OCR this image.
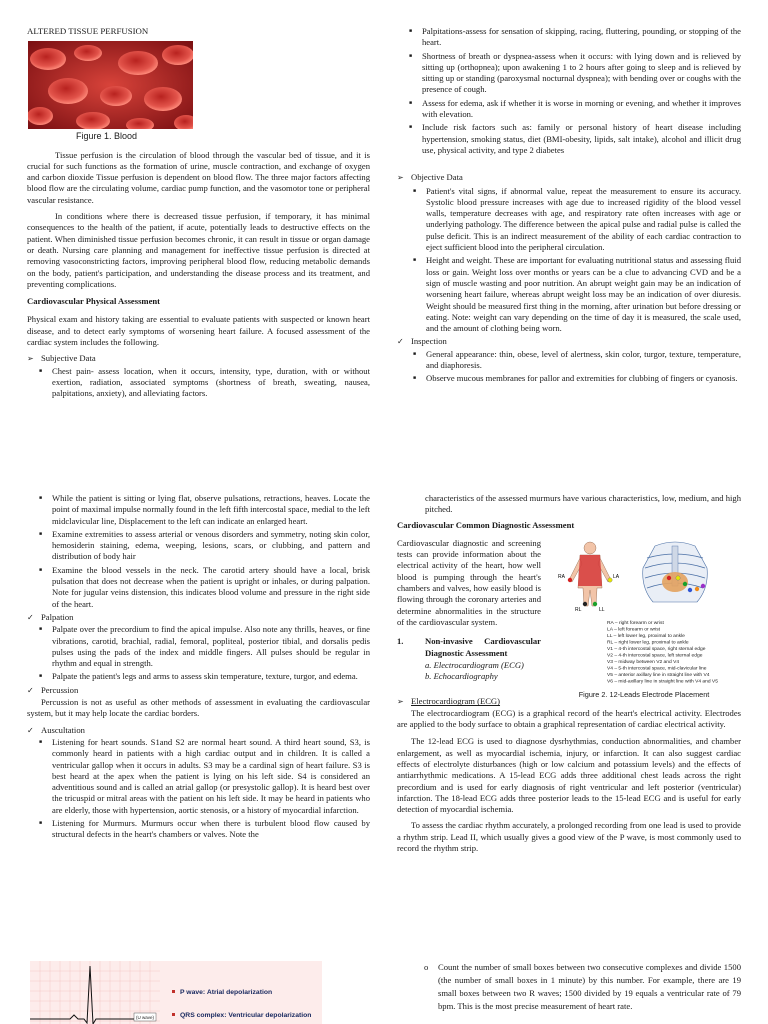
ALTERED TISSUE PERFUSION
Figure 1. Blood

Tissue perfusion is the circulation of blood through the vascular bed of tissue, and it is crucial for such functions as the formation of urine, muscle contraction, and exchange of oxygen and carbon dioxide Tissue perfusion is dependent on blood flow. The three major factors affecting blood flow are the circulating volume, cardiac pump function, and the vasomotor tone or peripheral vascular resistance.

In conditions where there is decreased tissue perfusion, if temporary, it has minimal consequences to the health of the patient, if acute, potentially leads to destructive effects on the patient. When diminished tissue perfusion becomes chronic, it can result in tissue or organ damage or death. Nursing care planning and management for ineffective tissue perfusion is directed at removing vasoconstricting factors, improving peripheral blood flow, reducing metabolic demands on the body, patient's participation, and understanding the disease process and its treatment, and preventing complications.

Cardiovascular Physical Assessment

Physical exam and history taking are essential to evaluate patients with suspected or known heart disease, and to detect early symptoms of worsening heart failure. A focused assessment of the cardiac system includes the following.

➢ Subjective Data
■ Chest pain- assess location, when it occurs, intensity, type, duration, with or without exertion, radiation, associated symptoms (shortness of breath, sweating, nausea, palpitations, anxiety), and alleviating factors.
■ Palpitations-assess for sensation of skipping, racing, fluttering, pounding, or stopping of the heart.
■ Shortness of breath or dyspnea-assess when it occurs: with lying down and is relieved by sitting up (orthopnea); upon awakening 1 to 2 hours after going to sleep and is relieved by sitting up or standing (paroxysmal nocturnal dyspnea); with bending over or coughs with the presence of cough.
■ Assess for edema, ask if whether it is worse in morning or evening, and whether it improves with elevation.
■ Include risk factors such as: family or personal history of heart disease including hypertension, smoking status, diet (BMI-obesity, lipids, salt intake), alcohol and illicit drug use, physical activity, and type 2 diabetes
➢ Objective Data
■ Patient's vital signs, if abnormal value, repeat the measurement to ensure its accuracy. Systolic blood pressure increases with age due to increased rigidity of the blood vessel walls, temperature decreases with age, and respiratory rate often increases with age or underlying pathology. The difference between the apical pulse and radial pulse is called the pulse deficit. This is an indirect measurement of the ability of each cardiac contraction to eject sufficient blood into the peripheral circulation.
■ Height and weight. These are important for evaluating nutritional status and assessing fluid loss or gain. Weight loss over months or years can be a clue to advancing CVD and be a sign of muscle wasting and poor nutrition. An abrupt weight gain may be an indication of worsening heart failure, whereas abrupt weight loss may be an indication of over diuresis. Weight should be measured first thing in the morning, after urination but before dressing or eating. Note: weight can vary depending on the time of day it is measured, the scale used, and the amount of clothing being worn.
✓ Inspection
■ General appearance: thin, obese, level of alertness, skin color, turgor, texture, temperature, and diaphoresis.
■ Observe mucous membranes for pallor and extremities for clubbing of fingers or cyanosis.
■ While the patient is sitting or lying flat, observe pulsations, retractions, heaves. Locate the point of maximal impulse normally found in the left fifth intercostal space, medial to the left midclavicular line, Displacement to the left can indicate an enlarged heart.
■ Examine extremities to assess arterial or venous disorders and symmetry, noting skin color, hemosiderin staining, edema, weeping, lesions, scars, or clubbing, and pattern and distribution of body hair
■ Examine the blood vessels in the neck. The carotid artery should have a local, brisk pulsation that does not decrease when the patient is upright or inhales, or during palpation. Note for jugular veins distension, this indicates blood volume and pressure in the right side of the heart.
✓ Palpation
■ Palpate over the precordium to find the apical impulse. Also note any thrills, heaves, or fine vibrations, carotid, brachial, radial, femoral, popliteal, posterior tibial, and dorsalis pedis pulses using the pads of the index and middle fingers. All pulses should be regular in rhythm and equal in strength.
■ Palpate the patient's legs and arms to assess skin temperature, texture, turgor, and edema.
✓ Percussion

Percussion is not as useful as other methods of assessment in evaluating the cardiovascular system, but it may help locate the cardiac borders.

✓ Auscultation
■ Listening for heart sounds. S1and S2 are normal heart sound. A third heart sound, S3, is commonly heard in patients with a high cardiac output and in children. It is called a ventricular gallop when it occurs in adults. S3 may be a cardinal sign of heart failure. S3 is best heard at the apex when the patient is lying on his left side. S4 is considered an adventitious sound and is called an atrial gallop (or presystolic gallop). It is heard best over the tricuspid or mitral areas with the patient on his left side. It may be heard in patients who are elderly, those with hypertension, aortic stenosis, or a history of myocardial infarction.
■ Listening for Murmurs. Murmurs occur when there is turbulent blood flow caused by structural defects in the heart's chambers or valves. Note the

characteristics of the assessed murmurs have various characteristics, low, medium, and high pitched.

Cardiovascular Common Diagnostic Assessment

RA	LA
RL	LL
RA – right forearm or wrist
LA – left forearm or wrist
LL – left lower leg, proximal to ankle
RL – right lower leg, proximal to ankle
V1 – 4-th intercostal space, right sternal edge
V2 – 4-th intercostal space, left sternal edge
V3 – midway between V2 and V4
V4 – 5-th intercostal space, mid-clavicular line
V5 – anterior axillary line in straight line with V4
V6 – mid-axillary line in straight line with V4 and V5
Figure 2. 12-Leads Electrode Placement

Cardiovascular diagnostic and screening tests can provide information about the electrical activity of the heart, how well blood is pumping through the heart's chambers and valves, how easily blood is flowing through the coronary arteries and determine abnormalities in the structure of the cardiovascular system.

1.	Non-invasive Cardiovascular Diagnostic Assessment
a. Electrocardiogram (ECG)
b. Echocardiography
➢ Electrocardiogram (ECG)

The electrocardiogram (ECG) is a graphical record of the heart's electrical activity. Electrodes are applied to the body surface to obtain a graphical representation of cardiac electrical activity.

The 12-lead ECG is used to diagnose dysrhythmias, conduction abnormalities, and chamber enlargement, as well as myocardial ischemia, injury, or infarction. It can also suggest cardiac effects of electrolyte disturbances (high or low calcium and potassium levels) and the effects of antiarrhythmic medications. A 15-lead ECG adds three additional chest leads across the right precordium and is used for early diagnosis of right ventricular and left posterior (ventricular) infarction. The 18-lead ECG adds three posterior leads to the 15-lead ECG and is useful for early detection of myocardial ischemia.

To assess the cardiac rhythm accurately, a prolonged recording from one lead is used to provide a rhythm strip. Lead II, which usually gives a good view of the P wave, is most commonly used to record the rhythm strip.

(U wave)
P wave: Atrial depolarization
QRS complex: Ventricular depolarization
o Count the number of small boxes between two consecutive complexes and divide 1500 (the number of small boxes in 1 minute) by this number. For example, there are 19 small boxes between two R waves; 1500 divided by 19 equals a ventricular rate of 79 bpm. This is the most precise measurement of heart rate.
